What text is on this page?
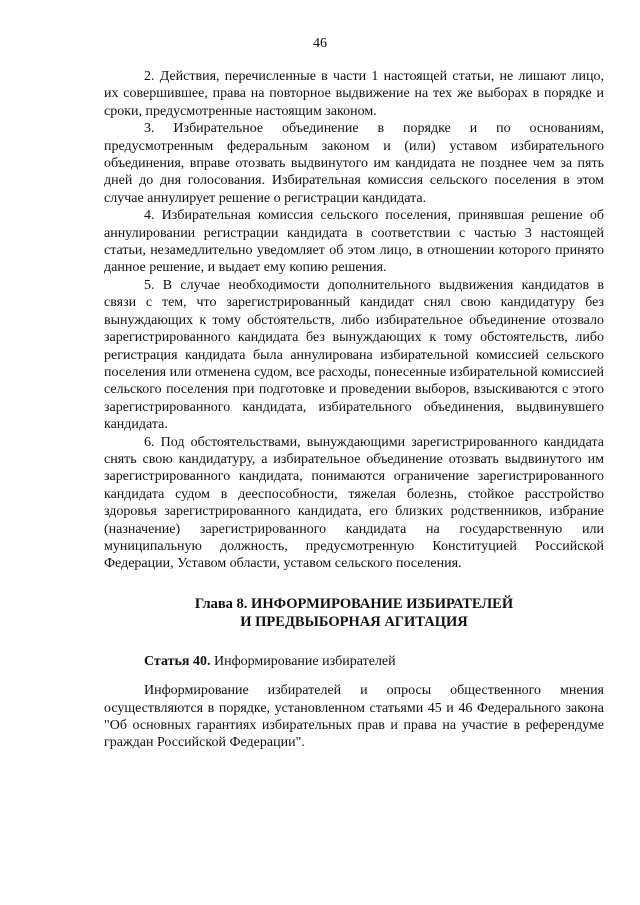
46

2. Действия, перечисленные в части 1 настоящей статьи, не лишают лицо, их совершившее, права на повторное выдвижение на тех же выборах в порядке и сроки, предусмотренные настоящим законом.

3. Избирательное объединение в порядке и по основаниям, предусмотренным федеральным законом и (или) уставом избирательного объединения, вправе отозвать выдвинутого им кандидата не позднее чем за пять дней до дня голосования. Избирательная комиссия сельского поселения в этом случае аннулирует решение о регистрации кандидата.

4. Избирательная комиссия сельского поселения, принявшая решение об аннулировании регистрации кандидата в соответствии с частью 3 настоящей статьи, незамедлительно уведомляет об этом лицо, в отношении которого принято данное решение, и выдает ему копию решения.

5. В случае необходимости дополнительного выдвижения кандидатов в связи с тем, что зарегистрированный кандидат снял свою кандидатуру без вынуждающих к тому обстоятельств, либо избирательное объединение отозвало зарегистрированного кандидата без вынуждающих к тому обстоятельств, либо регистрация кандидата была аннулирована избирательной комиссией сельского поселения или отменена судом, все расходы, понесенные избирательной комиссией сельского поселения при подготовке и проведении выборов, взыскиваются с этого зарегистрированного кандидата, избирательного объединения, выдвинувшего кандидата.

6. Под обстоятельствами, вынуждающими зарегистрированного кандидата снять свою кандидатуру, а избирательное объединение отозвать выдвинутого им зарегистрированного кандидата, понимаются ограничение зарегистрированного кандидата судом в дееспособности, тяжелая болезнь, стойкое расстройство здоровья зарегистрированного кандидата, его близких родственников, избрание (назначение) зарегистрированного кандидата на государственную или муниципальную должность, предусмотренную Конституцией Российской Федерации, Уставом области, уставом сельского поселения.

Глава 8. ИНФОРМИРОВАНИЕ ИЗБИРАТЕЛЕЙ
И ПРЕДВЫБОРНАЯ АГИТАЦИЯ

Статья 40. Информирование избирателей

Информирование избирателей и опросы общественного мнения осуществляются в порядке, установленном статьями 45 и 46 Федерального закона "Об основных гарантиях избирательных прав и права на участие в референдуме граждан Российской Федерации".
